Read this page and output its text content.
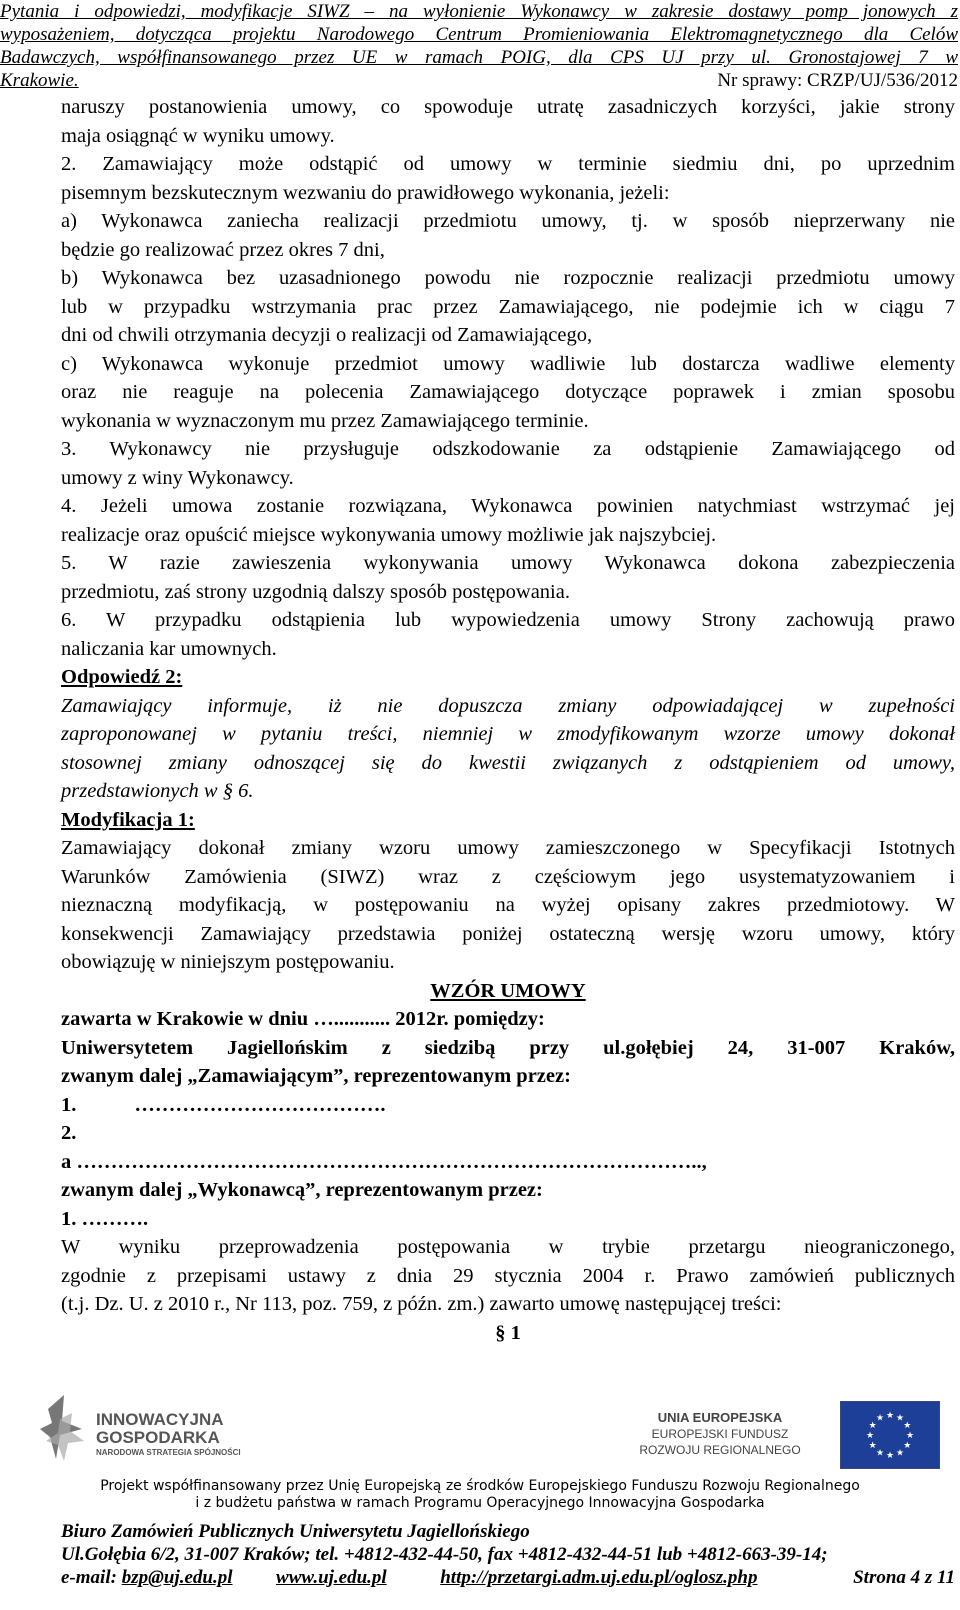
Pytania i odpowiedzi, modyfikacje SIWZ – na wyłonienie Wykonawcy w zakresie dostawy pomp jonowych z
wyposażeniem, dotycząca projektu Narodowego Centrum Promieniowania Elektromagnetycznego dla Celów
Badawczych, współfinansowanego przez UE w ramach POIG, dla CPS UJ przy ul. Gronostajowej 7 w
Krakowie.	Nr sprawy: CRZP/UJ/536/2012
naruszy postanowienia umowy, co spowoduje utratę zasadniczych korzyści, jakie strony
maja osiągnąć w wyniku umowy.
2. Zamawiający może odstąpić od umowy w terminie siedmiu dni, po uprzednim
pisemnym bezskutecznym wezwaniu do prawidłowego wykonania, jeżeli:
a) Wykonawca zaniecha realizacji przedmiotu umowy, tj. w sposób nieprzerwany nie
będzie go realizować przez okres 7 dni,
b) Wykonawca bez uzasadnionego powodu nie rozpocznie realizacji przedmiotu umowy
lub w przypadku wstrzymania prac przez Zamawiającego, nie podejmie ich w ciągu 7
dni od chwili otrzymania decyzji o realizacji od Zamawiającego,
c) Wykonawca wykonuje przedmiot umowy wadliwie lub dostarcza wadliwe elementy
oraz nie reaguje na polecenia Zamawiającego dotyczące poprawek i zmian sposobu
wykonania w wyznaczonym mu przez Zamawiającego terminie.
3. Wykonawcy nie przysługuje odszkodowanie za odstąpienie Zamawiającego od
umowy z winy Wykonawcy.
4. Jeżeli umowa zostanie rozwiązana, Wykonawca powinien natychmiast wstrzymać jej
realizacje oraz opuścić miejsce wykonywania umowy możliwie jak najszybciej.
5. W razie zawieszenia wykonywania umowy Wykonawca dokona zabezpieczenia
przedmiotu, zaś strony uzgodnią dalszy sposób postępowania.
6. W przypadku odstąpienia lub wypowiedzenia umowy Strony zachowują prawo
naliczania kar umownych.
Odpowiedź 2:
Zamawiający informuje, iż nie dopuszcza zmiany odpowiadającej w zupełności
zaproponowanej w pytaniu treści, niemniej w zmodyfikowanym wzorze umowy dokonał
stosownej zmiany odnoszącej się do kwestii związanych z odstąpieniem od umowy,
przedstawionych w § 6.
Modyfikacja 1:
Zamawiający dokonał zmiany wzoru umowy zamieszczonego w Specyfikacji Istotnych
Warunków Zamówienia (SIWZ) wraz z częściowym jego usystematyzowaniem i
nieznaczną modyfikacją, w postępowaniu na wyżej opisany zakres przedmiotowy. W
konsekwencji Zamawiający przedstawia poniżej ostateczną wersję wzoru umowy, który
obowiązuję w niniejszym postępowaniu.
WZÓR UMOWY
zawarta w Krakowie w dniu …........... 2012r. pomiędzy:
Uniwersytetem Jagiellońskim z siedzibą przy ul.gołębiej 24, 31-007 Kraków,
zwanym dalej „Zamawiającym”, reprezentowanym przez:
1.	……………………………….
2.
a ………………………………………………………………………………..,
zwanym dalej „Wykonawcą”, reprezentowanym przez:
1. ……….
W wyniku przeprowadzenia postępowania w trybie przetargu nieograniczonego,
zgodnie z przepisami ustawy z dnia 29 stycznia 2004 r. Prawo zamówień publicznych
(t.j. Dz. U. z 2010 r., Nr 113, poz. 759, z późn. zm.) zawarto umowę następującej treści:
§ 1
INNOWACYJNA
GOSPODARKA
NARODOWA STRATEGIA SPÓJNOŚCI
UNIA EUROPEJSKA
EUROPEJSKI FUNDUSZ
ROZWOJU REGIONALNEGO
★
★
★
★
★
★
★
★
★ ★ ★
★
Projekt współfinansowany przez Unię Europejską ze środków Europejskiego Funduszu Rozwoju Regionalnego
i z budżetu państwa w ramach Programu Operacyjnego Innowacyjna Gospodarka
Biuro Zamówień Publicznych Uniwersytetu Jagiellońskiego
Ul.Gołębia 6/2, 31-007 Kraków; tel. +4812-432-44-50, fax +4812-432-44-51 lub +4812-663-39-14;
e-mail: bzp@uj.edu.pl www.uj.edu.pl	http://przetargi.adm.uj.edu.pl/oglosz.php	Strona 4 z 11
